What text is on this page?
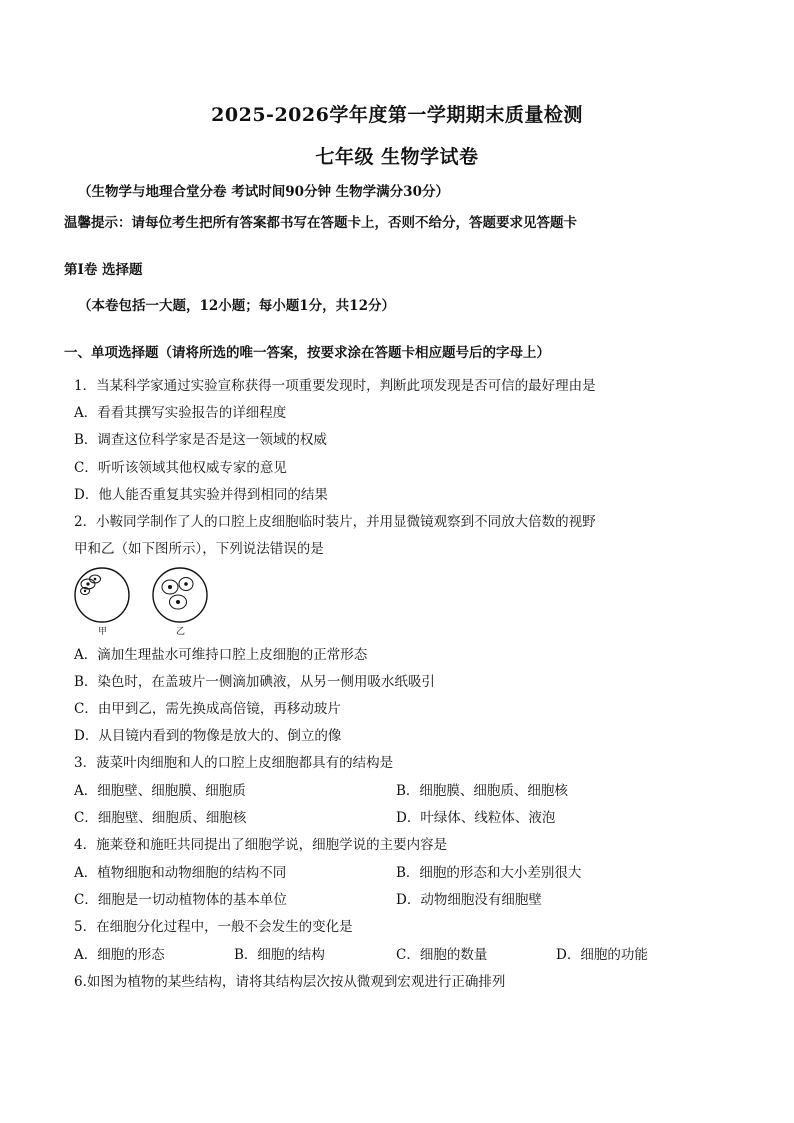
2025-2026学年度第一学期期末质量检测
七年级 生物学试卷
（生物学与地理合堂分卷 考试时间90分钟 生物学满分30分）
温馨提示：请每位考生把所有答案都书写在答题卡上，否则不给分，答题要求见答题卡
第Ⅰ卷 选择题
（本卷包括一大题，12小题；每小题1分，共12分）
一、单项选择题（请将所选的唯一答案，按要求涂在答题卡相应题号后的字母上）
1．当某科学家通过实验宣称获得一项重要发现时，判断此项发现是否可信的最好理由是
A．看看其撰写实验报告的详细程度
B．调查这位科学家是否是这一领域的权威
C．听听该领域其他权威专家的意见
D．他人能否重复其实验并得到相同的结果
2．小鞍同学制作了人的口腔上皮细胞临时装片，并用显微镜观察到不同放大倍数的视野
甲和乙（如下图所示），下列说法错误的是
甲	乙
A．滴加生理盐水可维持口腔上皮细胞的正常形态
B．染色时，在盖玻片一侧滴加碘液，从另一侧用吸水纸吸引
C．由甲到乙，需先换成高倍镜，再移动玻片
D．从目镜内看到的物像是放大的、倒立的像
3．菠菜叶肉细胞和人的口腔上皮细胞都具有的结构是
A．细胞壁、细胞膜、细胞质	B．细胞膜、细胞质、细胞核
C．细胞壁、细胞质、细胞核	D．叶绿体、线粒体、液泡
4．施莱登和施旺共同提出了细胞学说，细胞学说的主要内容是
A．植物细胞和动物细胞的结构不同	B．细胞的形态和大小差别很大
C．细胞是一切动植物体的基本单位	D．动物细胞没有细胞壁
5．在细胞分化过程中，一般不会发生的变化是
A．细胞的形态	B．细胞的结构	C．细胞的数量	D．细胞的功能
6.如图为植物的某些结构，请将其结构层次按从微观到宏观进行正确排列
